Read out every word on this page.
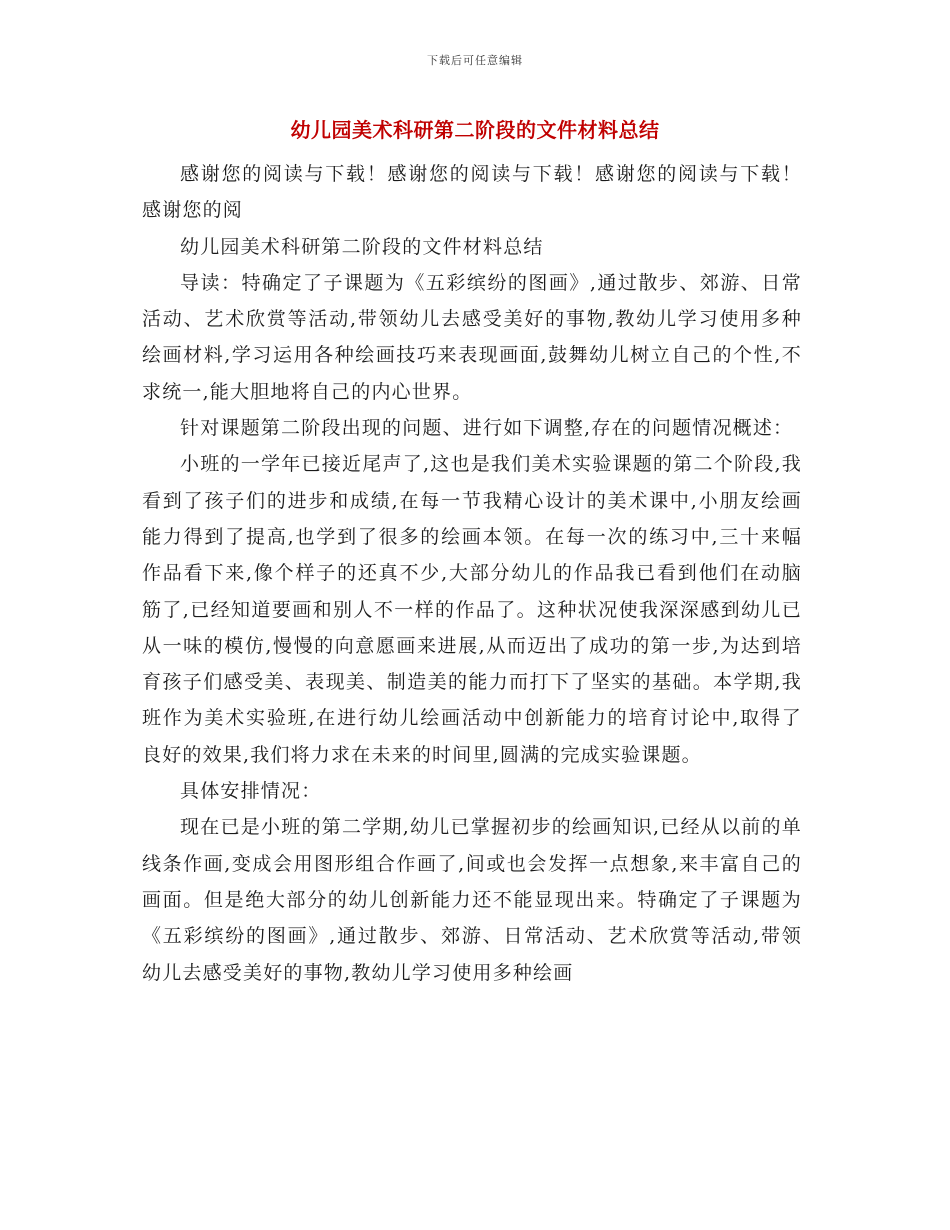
下载后可任意编辑
幼儿园美术科研第二阶段的文件材料总结

感谢您的阅读与下载！感谢您的阅读与下载！感谢您的阅读与下载！感谢您的阅

幼儿园美术科研第二阶段的文件材料总结

导读：特确定了子课题为《五彩缤纷的图画》,通过散步、郊游、日常活动、艺术欣赏等活动,带领幼儿去感受美好的事物,教幼儿学习使用多种绘画材料,学习运用各种绘画技巧来表现画面,鼓舞幼儿树立自己的个性,不求统一,能大胆地将自己的内心世界。

针对课题第二阶段出现的问题、进行如下调整,存在的问题情况概述：

小班的一学年已接近尾声了,这也是我们美术实验课题的第二个阶段,我看到了孩子们的进步和成绩,在每一节我精心设计的美术课中,小朋友绘画能力得到了提高,也学到了很多的绘画本领。在每一次的练习中,三十来幅作品看下来,像个样子的还真不少,大部分幼儿的作品我已看到他们在动脑筋了,已经知道要画和别人不一样的作品了。这种状况使我深深感到幼儿已从一味的模仿,慢慢的向意愿画来进展,从而迈出了成功的第一步,为达到培育孩子们感受美、表现美、制造美的能力而打下了坚实的基础。本学期,我班作为美术实验班,在进行幼儿绘画活动中创新能力的培育讨论中,取得了良好的效果,我们将力求在未来的时间里,圆满的完成实验课题。

具体安排情况：

现在已是小班的第二学期,幼儿已掌握初步的绘画知识,已经从以前的单线条作画,变成会用图形组合作画了,间或也会发挥一点想象,来丰富自己的画面。但是绝大部分的幼儿创新能力还不能显现出来。特确定了子课题为《五彩缤纷的图画》,通过散步、郊游、日常活动、艺术欣赏等活动,带领幼儿去感受美好的事物,教幼儿学习使用多种绘画
